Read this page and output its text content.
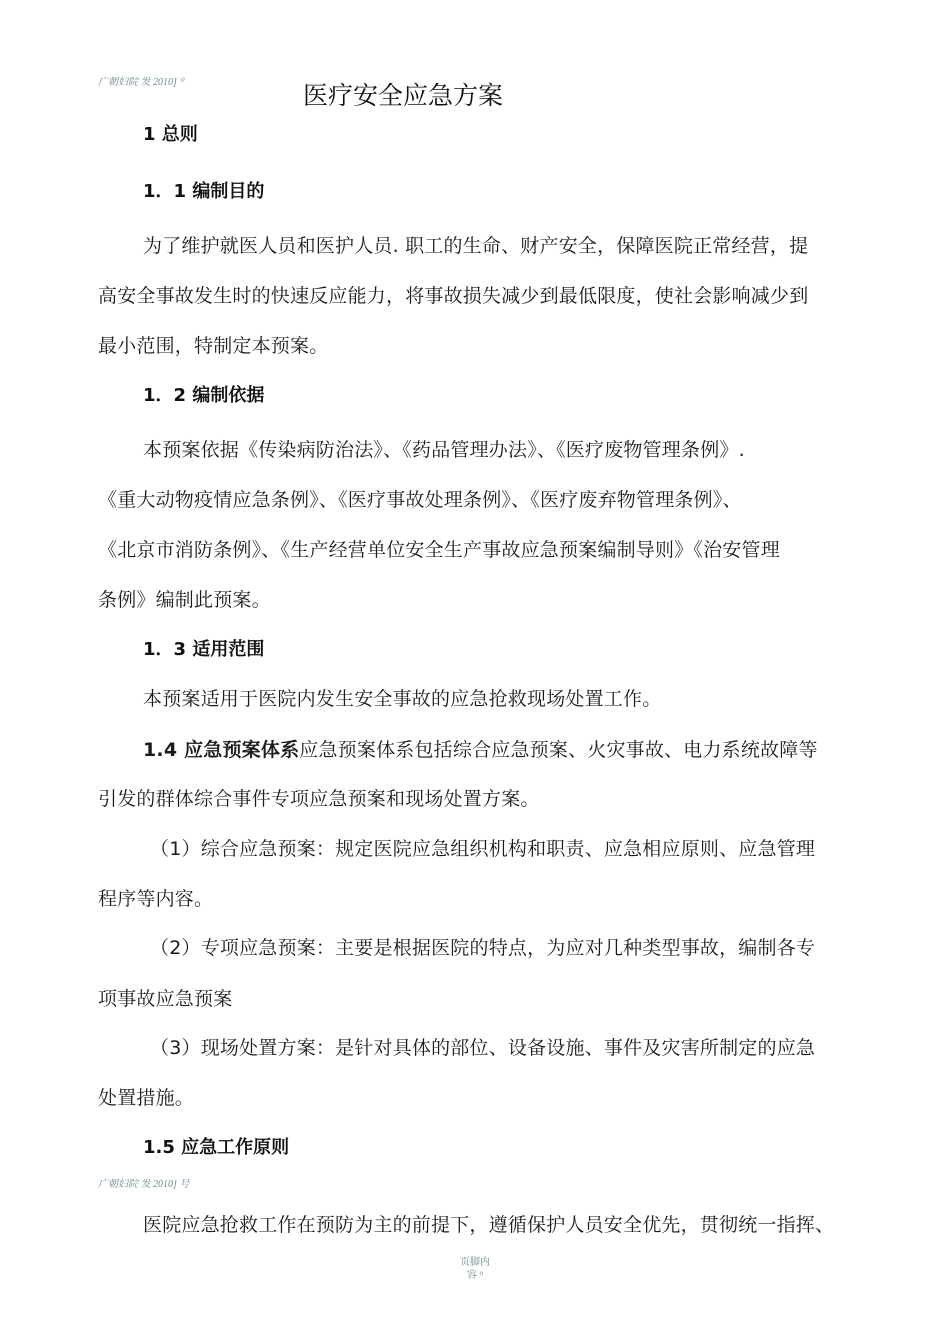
广朝妇院 发 2010] ⁰	医疗安全应急方案
1 总则
1．1 编制目的
为了维护就医人员和医护人员. 职工的生命、财产安全，保障医院正常经营，提
高安全事故发生时的快速反应能力，将事故损失减少到最低限度，使社会影响减少到
最小范围，特制定本预案。
1．2 编制依据
本预案依据《传染病防治法》、《药品管理办法》、《医疗废物管理条例》.
《重大动物疫情应急条例》、《医疗事故处理条例》、《医疗废弃物管理条例》、
《北京市消防条例》、《生产经营单位安全生产事故应急预案编制导则》《治安管理
条例》编制此预案。
1．3 适用范围
本预案适用于医院内发生安全事故的应急抢救现场处置工作。
1.4 应急预案体系应急预案体系包括综合应急预案、火灾事故、电力系统故障等
引发的群体综合事件专项应急预案和现场处置方案。
（1）综合应急预案：规定医院应急组织机构和职责、应急相应原则、应急管理
程序等内容。
（2）专项应急预案：主要是根据医院的特点，为应对几种类型事故，编制各专
项事故应急预案
（3）现场处置方案：是针对具体的部位、设备设施、事件及灾害所制定的应急
处置措施。
1.5 应急工作原则
广朝妇院 发 2010] 号
医院应急抢救工作在预防为主的前提下，遵循保护人员安全优先，贯彻统一指挥、
页脚内
容 ⁹
